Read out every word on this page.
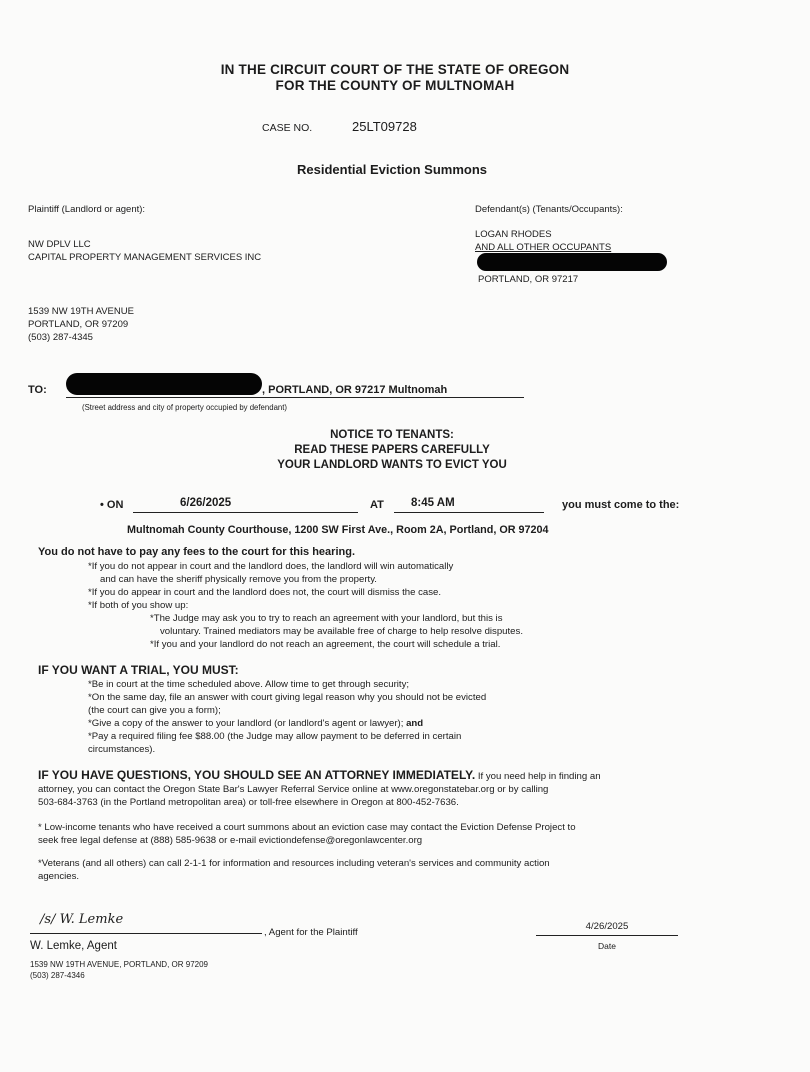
IN THE CIRCUIT COURT OF THE STATE OF OREGON
FOR THE COUNTY OF MULTNOMAH
CASE NO.	25LT09728
Residential Eviction Summons
Plaintiff (Landlord or agent):
NW DPLV LLC
CAPITAL PROPERTY MANAGEMENT SERVICES INC
1539 NW 19TH AVENUE
PORTLAND, OR 97209
(503) 287-4345
Defendant(s) (Tenants/Occupants):
LOGAN RHODES
AND ALL OTHER OCCUPANTS
PORTLAND, OR 97217
TO:	, PORTLAND, OR 97217 Multnomah
(Street address and city of property occupied by defendant)
NOTICE TO TENANTS:
READ THESE PAPERS CAREFULLY
YOUR LANDLORD WANTS TO EVICT YOU
• ON	6/26/2025	AT 8:45 AM	you must come to the:
Multnomah County Courthouse, 1200 SW First Ave., Room 2A, Portland, OR 97204
You do not have to pay any fees to the court for this hearing.
*If you do not appear in court and the landlord does, the landlord will win automatically
and can have the sheriff physically remove you from the property.
*If you do appear in court and the landlord does not, the court will dismiss the case.
*If both of you show up:
*The Judge may ask you to try to reach an agreement with your landlord, but this is
voluntary. Trained mediators may be available free of charge to help resolve disputes.
*If you and your landlord do not reach an agreement, the court will schedule a trial.
IF YOU WANT A TRIAL, YOU MUST:
*Be in court at the time scheduled above. Allow time to get through security;
*On the same day, file an answer with court giving legal reason why you should not be evicted
(the court can give you a form);
*Give a copy of the answer to your landlord (or landlord's agent or lawyer); and
*Pay a required filing fee $88.00 (the Judge may allow payment to be deferred in certain
circumstances).
IF YOU HAVE QUESTIONS, YOU SHOULD SEE AN ATTORNEY IMMEDIATELY. If you need help in finding an
attorney, you can contact the Oregon State Bar's Lawyer Referral Service online at www.oregonstatebar.org or by calling
503-684-3763 (in the Portland metropolitan area) or toll-free elsewhere in Oregon at 800-452-7636.
* Low-income tenants who have received a court summons about an eviction case may contact the Eviction Defense Project to
seek free legal defense at (888) 585-9638 or e-mail evictiondefense@oregonlawcenter.org
*Veterans (and all others) can call 2-1-1 for information and resources including veteran's services and community action
agencies.
/s/ W. Lemke
, Agent for the Plaintiff
W. Lemke, Agent
1539 NW 19TH AVENUE, PORTLAND, OR 97209
(503) 287-4346
4/26/2025
Date
